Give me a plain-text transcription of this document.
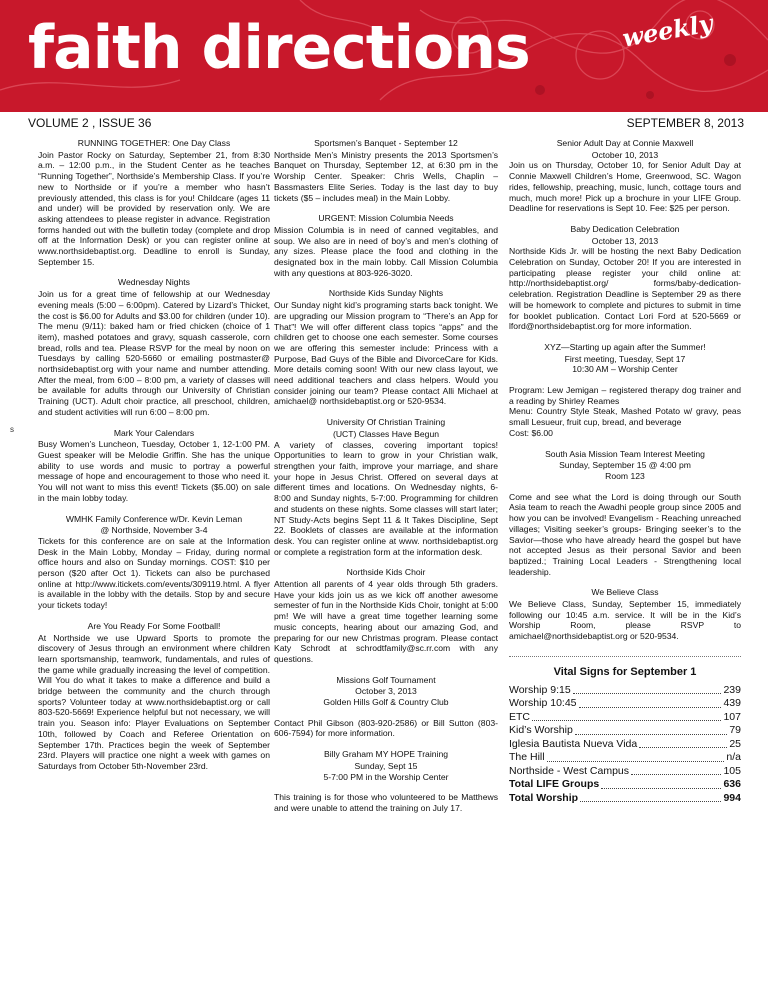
faith directions	weekly
VOLUME 2 , ISSUE 36	SEPTEMBER 8, 2013
s
RUNNING TOGETHER: One Day Class

Join Pastor Rocky on Saturday, September 21, from 8:30 a.m. – 12:00 p.m., in the Student Center as he teaches “Running Together”, Northside’s Membership Class. If you’re new to Northside or if you’re a member who hasn’t previously attended, this class is for you! Childcare (ages 11 and under) will be provided by reservation only. We are asking attendees to please register in advance. Registration forms handed out with the bulletin today (complete and drop off at the Information Desk) or you can register online at www.northsidebaptist.org. Deadline to enroll is Sunday, September 15.

Wednesday Nights

Join us for a great time of fellowship at our Wednesday evening meals (5:00 – 6:00pm). Catered by Lizard’s Thicket, the cost is $6.00 for Adults and $3.00 for children (under 10). The menu (9/11): baked ham or fried chicken (choice of 1 item), mashed potatoes and gravy, squash casserole, corn bread, rolls and tea. Please RSVP for the meal by noon on Tuesdays by calling 520-5660 or emailing postmaster@ northsidebaptist.org with your name and number attending. After the meal, from 6:00 – 8:00 pm, a variety of classes will be available for adults through our University of Christian Training (UCT). Adult choir practice, all preschool, children, and student activities will run 6:00 – 8:00 pm.

Mark Your Calendars

Busy Women’s Luncheon, Tuesday, October 1, 12-1:00 PM. Guest speaker will be Melodie Griffin. She has the unique ability to use words and music to portray a powerful message of hope and encouragement to those who need it. You will not want to miss this event! Tickets ($5.00) on sale in the main lobby today.

WMHK Family Conference w/Dr. Kevin Leman
@ Northside, November 3-4

Tickets for this conference are on sale at the Information Desk in the Main Lobby, Monday – Friday, during normal office hours and also on Sunday mornings. COST: $10 per person ($20 after Oct 1). Tickets can also be purchased online at http://www.itickets.com/events/309119.html. A flyer is available in the lobby with the details. Stop by and secure your tickets today!

Are You Ready For Some Football!

At Northside we use Upward Sports to promote the discovery of Jesus through an environment where children learn sportsmanship, teamwork, fundamentals, and rules of the game while gradually increasing the level of competition. Will You do what it takes to make a difference and build a bridge between the community and the church through sports? Volunteer today at www.northsidebaptist.org or call 803-520-5669! Experience helpful but not necessary, we will train you. Season info: Player Evaluations on September 10th, followed by Coach and Referee Orientation on September 17th. Practices begin the week of September 23rd. Players will practice one night a week with games on Saturdays from October 5th-November 23rd.

Sportsmen’s Banquet - September 12

Northside Men’s Ministry presents the 2013 Sportsmen’s Banquet on Thursday, September 12, at 6:30 pm in the Worship Center. Speaker: Chris Wells, Chaplin – Bassmasters Elite Series. Today is the last day to buy tickets ($5 – includes meal) in the Main Lobby.

URGENT: Mission Columbia Needs

Mission Columbia is in need of canned vegitables, and soup. We also are in need of boy’s and men’s clothing of any sizes. Please place the food and clothing in the designated box in the main lobby. Call Mission Columbia with any questions at 803-926-3020.

Northside Kids Sunday Nights

Our Sunday night kid’s programing starts back tonight. We are upgrading our Mission program to “There’s an App for That”! We will offer different class topics “apps” and the children get to choose one each semester. Some courses we are offering this semester include: Princess with a Purpose, Bad Guys of the Bible and DivorceCare for Kids. More details coming soon! With our new class layout, we need additional teachers and class helpers. Would you consider joining our team? Please contact Alli Michael at amichael@ northsidebaptist.org or 520-9534.

University Of Christian Training
(UCT) Classes Have Begun

A variety of classes, covering important topics! Opportunities to learn to grow in your Christian walk, strengthen your faith, improve your marriage, and share your hope in Jesus Christ. Offered on several days at different times and locations. On Wednesday nights, 6-8:00 and Sunday nights, 5-7:00. Programming for children and students on these nights. Some classes will start later; NT Study-Acts begins Sept 11 & It Takes Discipline, Sept 22. Booklets of classes are available at the information desk. You can register online at www. northsidebaptist.org or complete a registration form at the information desk.

Northside Kids Choir

Attention all parents of 4 year olds through 5th graders. Have your kids join us as we kick off another awesome semester of fun in the Northside Kids Choir, tonight at 5:00 pm! We will have a great time together learning some music concepts, hearing about our amazing God, and preparing for our new Christmas program. Please contact Katy Schrodt at schrodtfamily@sc.rr.com with any questions.

Missions Golf Tournament
October 3, 2013
Golden Hills Golf & Country Club

Contact Phil Gibson (803-920-2586) or Bill Sutton (803-606-7594) for more information.

Billy Graham MY HOPE Training
Sunday, Sept 15
5-7:00 PM in the Worship Center

This training is for those who volunteered to be Matthews and were unable to attend the training on July 17.

Senior Adult Day at Connie Maxwell
October 10, 2013

Join us on Thursday, October 10, for Senior Adult Day at Connie Maxwell Children’s Home, Greenwood, SC. Wagon rides, fellowship, preaching, music, lunch, cottage tours and much, much more! Pick up a brochure in your LIFE Group. Deadline for reservations is Sept 10. Fee: $25 per person.

Baby Dedication Celebration
October 13, 2013

Northside Kids Jr. will be hosting the next Baby Dedication Celebration on Sunday, October 20! If you are interested in participating please register your child online at: http://northsidebaptist.org/ forms/baby-dedication-celebration. Registration Deadline is September 29 as there will be homework to complete and pictures to submit in time for booklet publication. Contact Lori Ford at 520-5669 or lford@northsidebaptist.org for more information.

XYZ—Starting up again after the Summer!
First meeting, Tuesday, Sept 17
10:30 AM – Worship Center

Program: Lew Jemigan – registered therapy dog trainer and a reading by Shirley Reames
Menu: Country Style Steak, Mashed Potato w/ gravy, peas small Lesueur, fruit cup, bread, and beverage
Cost: $6.00

South Asia Mission Team Interest Meeting
Sunday, September 15 @ 4:00 pm
Room 123

Come and see what the Lord is doing through our South Asia team to reach the Awadhi people group since 2005 and how you can be involved! Evangelism - Reaching unreached villages; Visiting seeker’s groups- Bringing seeker’s to the Savior—those who have already heard the gospel but have not accepted Jesus as their personal Savior and been baptized.; Training Local Leaders - Strengthening local leadership.

We Believe Class

We Believe Class, Sunday, September 15, immediately following our 10:45 a.m. service. It will be in the Kid’s Worship Room, please RSVP to amichael@northsidebaptist.org or 520-9534.

Vital Signs for September 1
Worship 9:15	239
Worship 10:45	439
ETC	107
Kid’s Worship	79
Iglesia Bautista Nueva Vida	25
The Hill	n/a
Northside - West Campus	105
Total LIFE Groups	636
Total Worship	994
